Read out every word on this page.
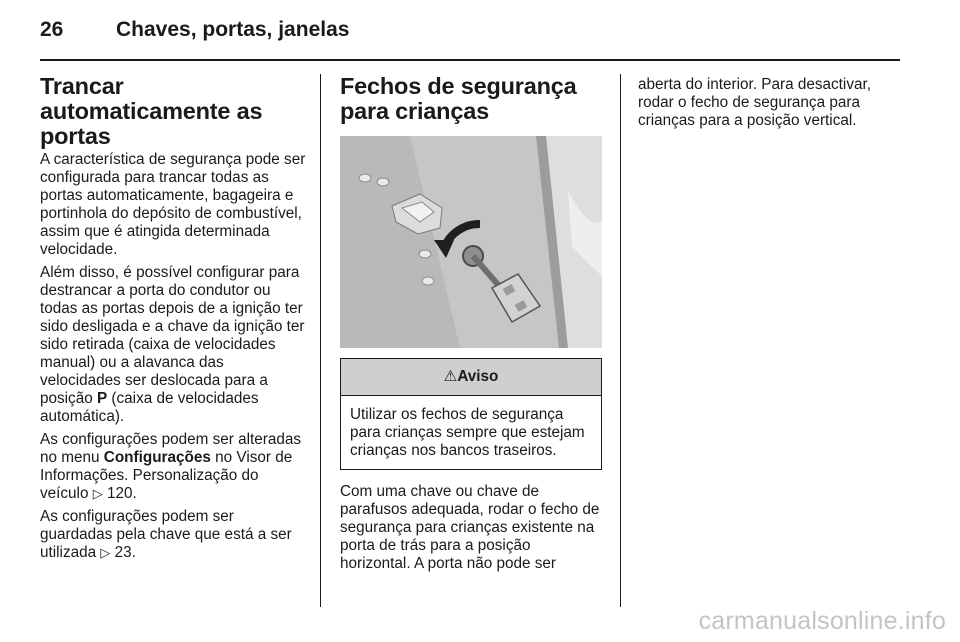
26	Chaves, portas, janelas
Trancar automaticamente as portas

A característica de segurança pode ser configurada para trancar todas as portas automaticamente, bagageira e portinhola do depósito de combustível, assim que é atingida determinada velocidade.

Além disso, é possível configurar para destrancar a porta do condutor ou todas as portas depois de a ignição ter sido desligada e a chave da ignição ter sido retirada (caixa de velocidades manual) ou a alavanca das velocidades ser deslocada para a posição P (caixa de velocidades automática).

As configurações podem ser alteradas no menu Configurações no Visor de Informações. Personalização do veículo ▷ 120.

As configurações podem ser guardadas pela chave que está a ser utilizada ▷ 23.

Fechos de segurança para crianças
⚠Aviso
Utilizar os fechos de segurança para crianças sempre que estejam crianças nos bancos traseiros.

Com uma chave ou chave de parafusos adequada, rodar o fecho de segurança para crianças existente na porta de trás para a posição horizontal. A porta não pode ser

aberta do interior. Para desactivar, rodar o fecho de segurança para crianças para a posição vertical.

carmanualsonline.info
